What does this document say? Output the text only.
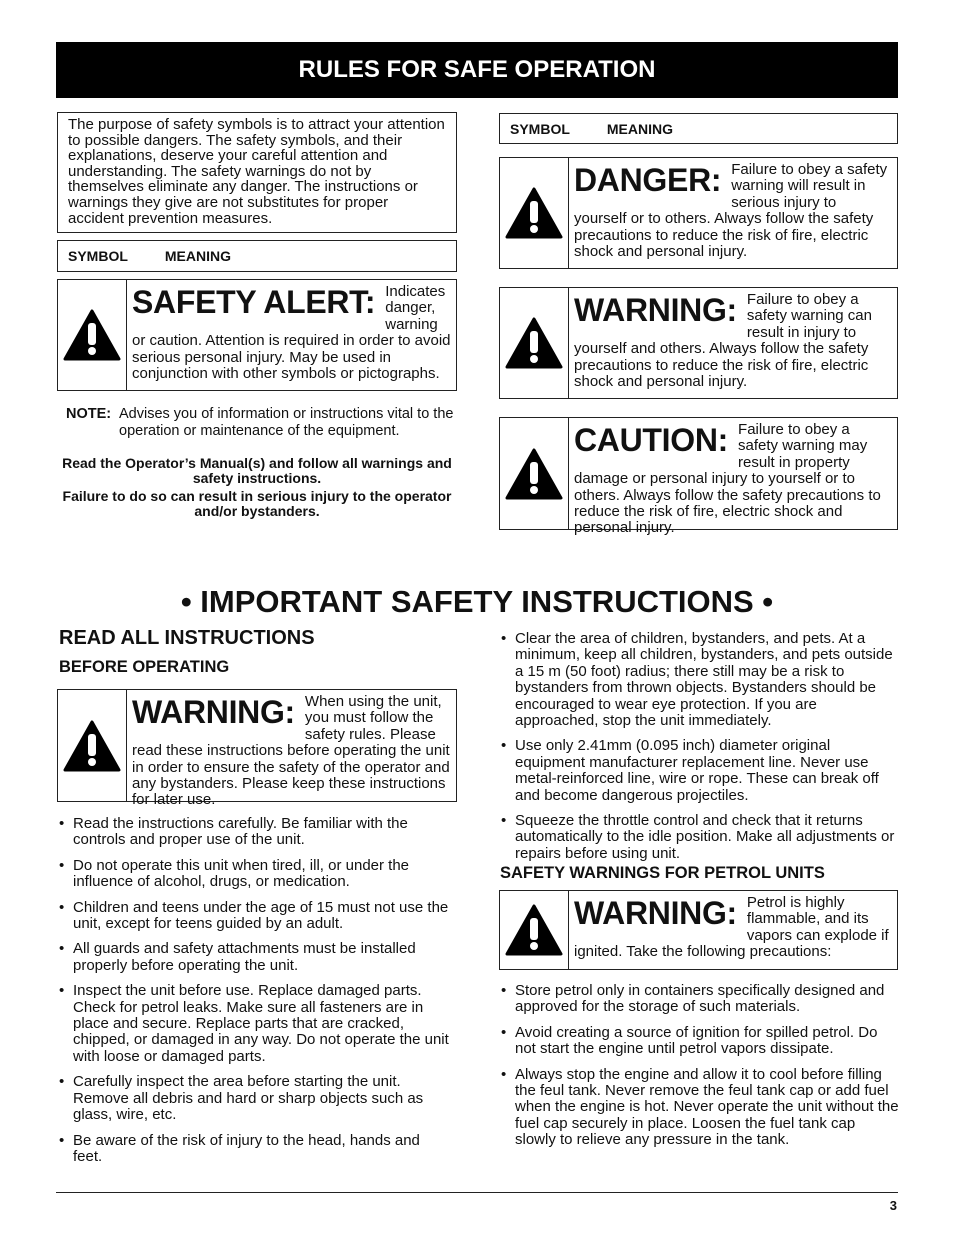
RULES FOR SAFE OPERATION
The purpose of safety symbols is to attract your attention to possible dangers. The safety symbols, and their explanations, deserve your careful attention and understanding. The safety warnings do not by themselves eliminate any danger. The instructions or warnings they give are not substitutes for proper accident prevention measures.
SYMBOL	MEANING
SAFETY ALERT: Indicates danger, warning or caution. Attention is required in order to avoid serious personal injury. May be used in conjunction with other symbols or pictographs.
NOTE: Advises you of information or instructions vital to the operation or maintenance of the equipment.
Read the Operator’s Manual(s) and follow all warnings and safety instructions.
Failure to do so can result in serious injury to the operator and/or bystanders.
SYMBOL	MEANING
DANGER: Failure to obey a safety warning will result in serious injury to yourself or to others. Always follow the safety precautions to reduce the risk of fire, electric shock and personal injury.
WARNING: Failure to obey a safety warning can result in injury to yourself and others. Always follow the safety precautions to reduce the risk of fire, electric shock and personal injury.
CAUTION: Failure to obey a safety warning may result in property damage or personal injury to yourself or to others. Always follow the safety precautions to reduce the risk of fire, electric shock and personal injury.
• IMPORTANT SAFETY INSTRUCTIONS •
READ ALL INSTRUCTIONS
BEFORE OPERATING
WARNING: When using the unit, you must follow the safety rules. Please read these instructions before operating the unit in order to ensure the safety of the operator and any bystanders. Please keep these instructions for later use.
• Read the instructions carefully. Be familiar with the controls and proper use of the unit.
• Do not operate this unit when tired, ill, or under the influence of alcohol, drugs, or medication.
• Children and teens under the age of 15 must not use the unit, except for teens guided by an adult.
• All guards and safety attachments must be installed properly before operating the unit.
• Inspect the unit before use. Replace damaged parts. Check for petrol leaks. Make sure all fasteners are in place and secure. Replace parts that are cracked, chipped, or damaged in any way. Do not operate the unit with loose or damaged parts.
• Carefully inspect the area before starting the unit. Remove all debris and hard or sharp objects such as glass, wire, etc.
• Be aware of the risk of injury to the head, hands and feet.
• Clear the area of children, bystanders, and pets. At a minimum, keep all children, bystanders, and pets outside a 15 m (50 foot) radius; there still may be a risk to bystanders from thrown objects. Bystanders should be encouraged to wear eye protection. If you are approached, stop the unit immediately.
• Use only 2.41mm (0.095 inch) diameter original equipment manufacturer replacement line. Never use metal-reinforced line, wire or rope. These can break off and become dangerous projectiles.
• Squeeze the throttle control and check that it returns automatically to the idle position. Make all adjustments or repairs before using unit.
SAFETY WARNINGS FOR PETROL UNITS
WARNING: Petrol is highly flammable, and its vapors can explode if ignited. Take the following precautions:
• Store petrol only in containers specifically designed and approved for the storage of such materials.
• Avoid creating a source of ignition for spilled petrol. Do not start the engine until petrol vapors dissipate.
• Always stop the engine and allow it to cool before filling the feul tank. Never remove the feul tank cap or add fuel when the engine is hot. Never operate the unit without the fuel cap securely in place. Loosen the fuel tank cap slowly to relieve any pressure in the tank.
3
